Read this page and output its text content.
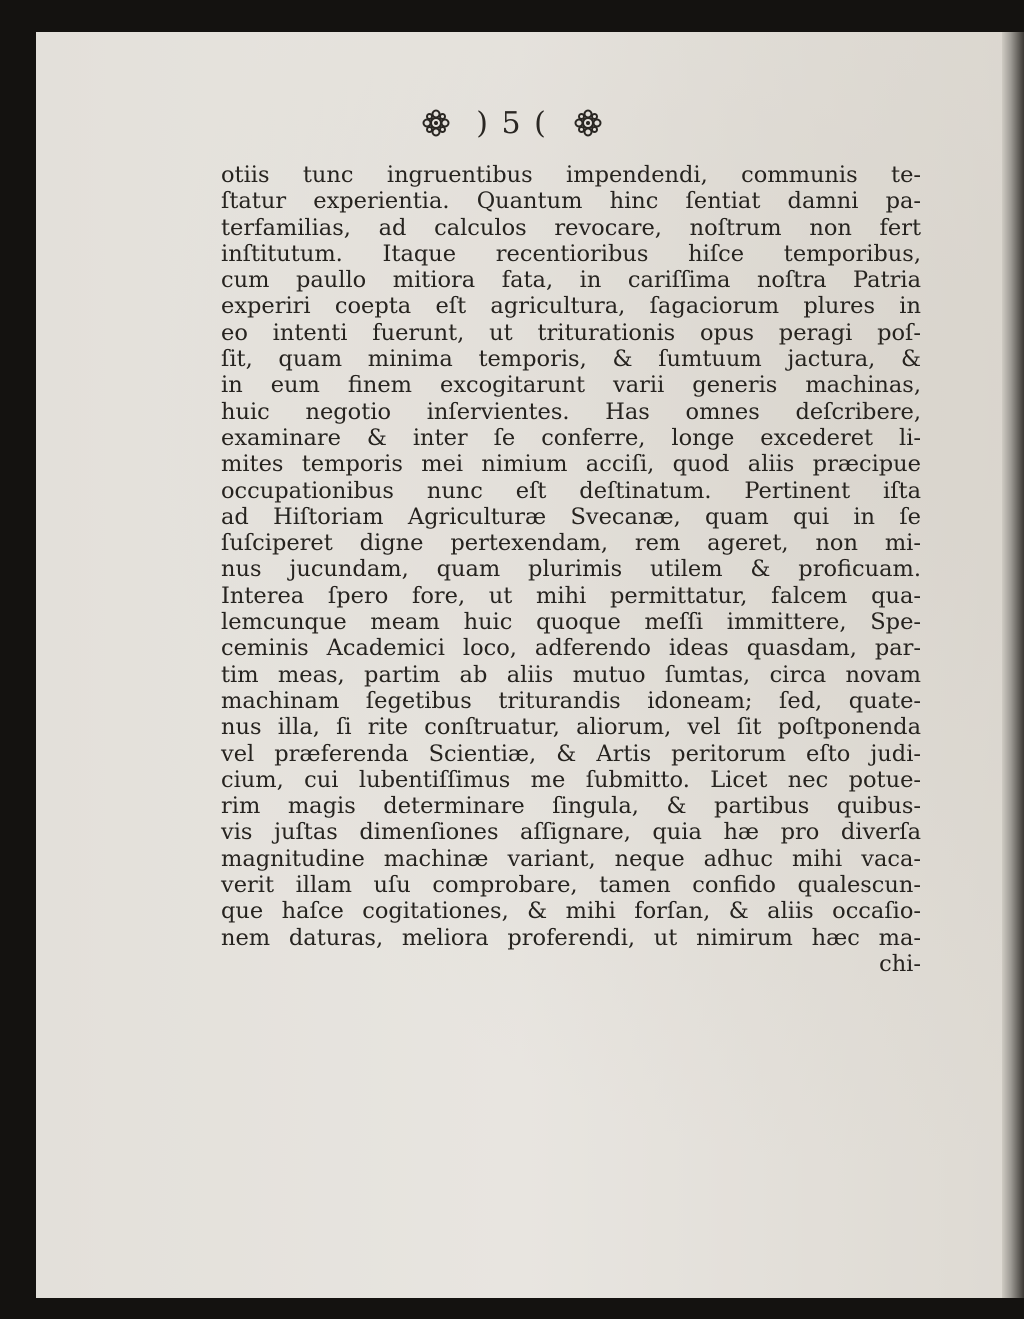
) 5 (
otiis tunc ingruentibus impendendi, communis te-
ſtatur experientia. Quantum hinc ſentiat damni pa-
terfamilias, ad calculos revocare, noſtrum non fert
inſtitutum. Itaque recentioribus hiſce temporibus,
cum paullo mitiora fata, in cariſſima noſtra Patria
experiri coepta eſt agricultura, ſagaciorum plures in
eo intenti fuerunt, ut triturationis opus peragi poſ-
ſit, quam minima temporis, & ſumtuum jactura, &
in eum finem excogitarunt varii generis machinas,
huic negotio inſervientes. Has omnes deſcribere,
examinare & inter ſe conferre, longe excederet li-
mites temporis mei nimium acciſi, quod aliis præcipue
occupationibus nunc eſt deſtinatum. Pertinent iſta
ad Hiſtoriam Agriculturæ Svecanæ, quam qui in ſe
ſuſciperet digne pertexendam, rem ageret, non mi-
nus jucundam, quam plurimis utilem & proficuam.
Interea ſpero fore, ut mihi permittatur, falcem qua-
lemcunque meam huic quoque meſſi immittere, Spe-
ceminis Academici loco, adferendo ideas quasdam, par-
tim meas, partim ab aliis mutuo ſumtas, circa novam
machinam ſegetibus triturandis idoneam; ſed, quate-
nus illa, ſi rite conſtruatur, aliorum, vel ſit poſtponenda
vel præferenda Scientiæ, & Artis peritorum eſto judi-
cium, cui lubentiſſimus me ſubmitto. Licet nec potue-
rim magis determinare ſingula, & partibus quibus-
vis juſtas dimenſiones aſſignare, quia hæ pro diverſa
magnitudine machinæ variant, neque adhuc mihi vaca-
verit illam uſu comprobare, tamen confido qualescun-
que haſce cogitationes, & mihi forſan, & aliis occaſio-
nem daturas, meliora proferendi, ut nimirum hæc ma-
chi-
